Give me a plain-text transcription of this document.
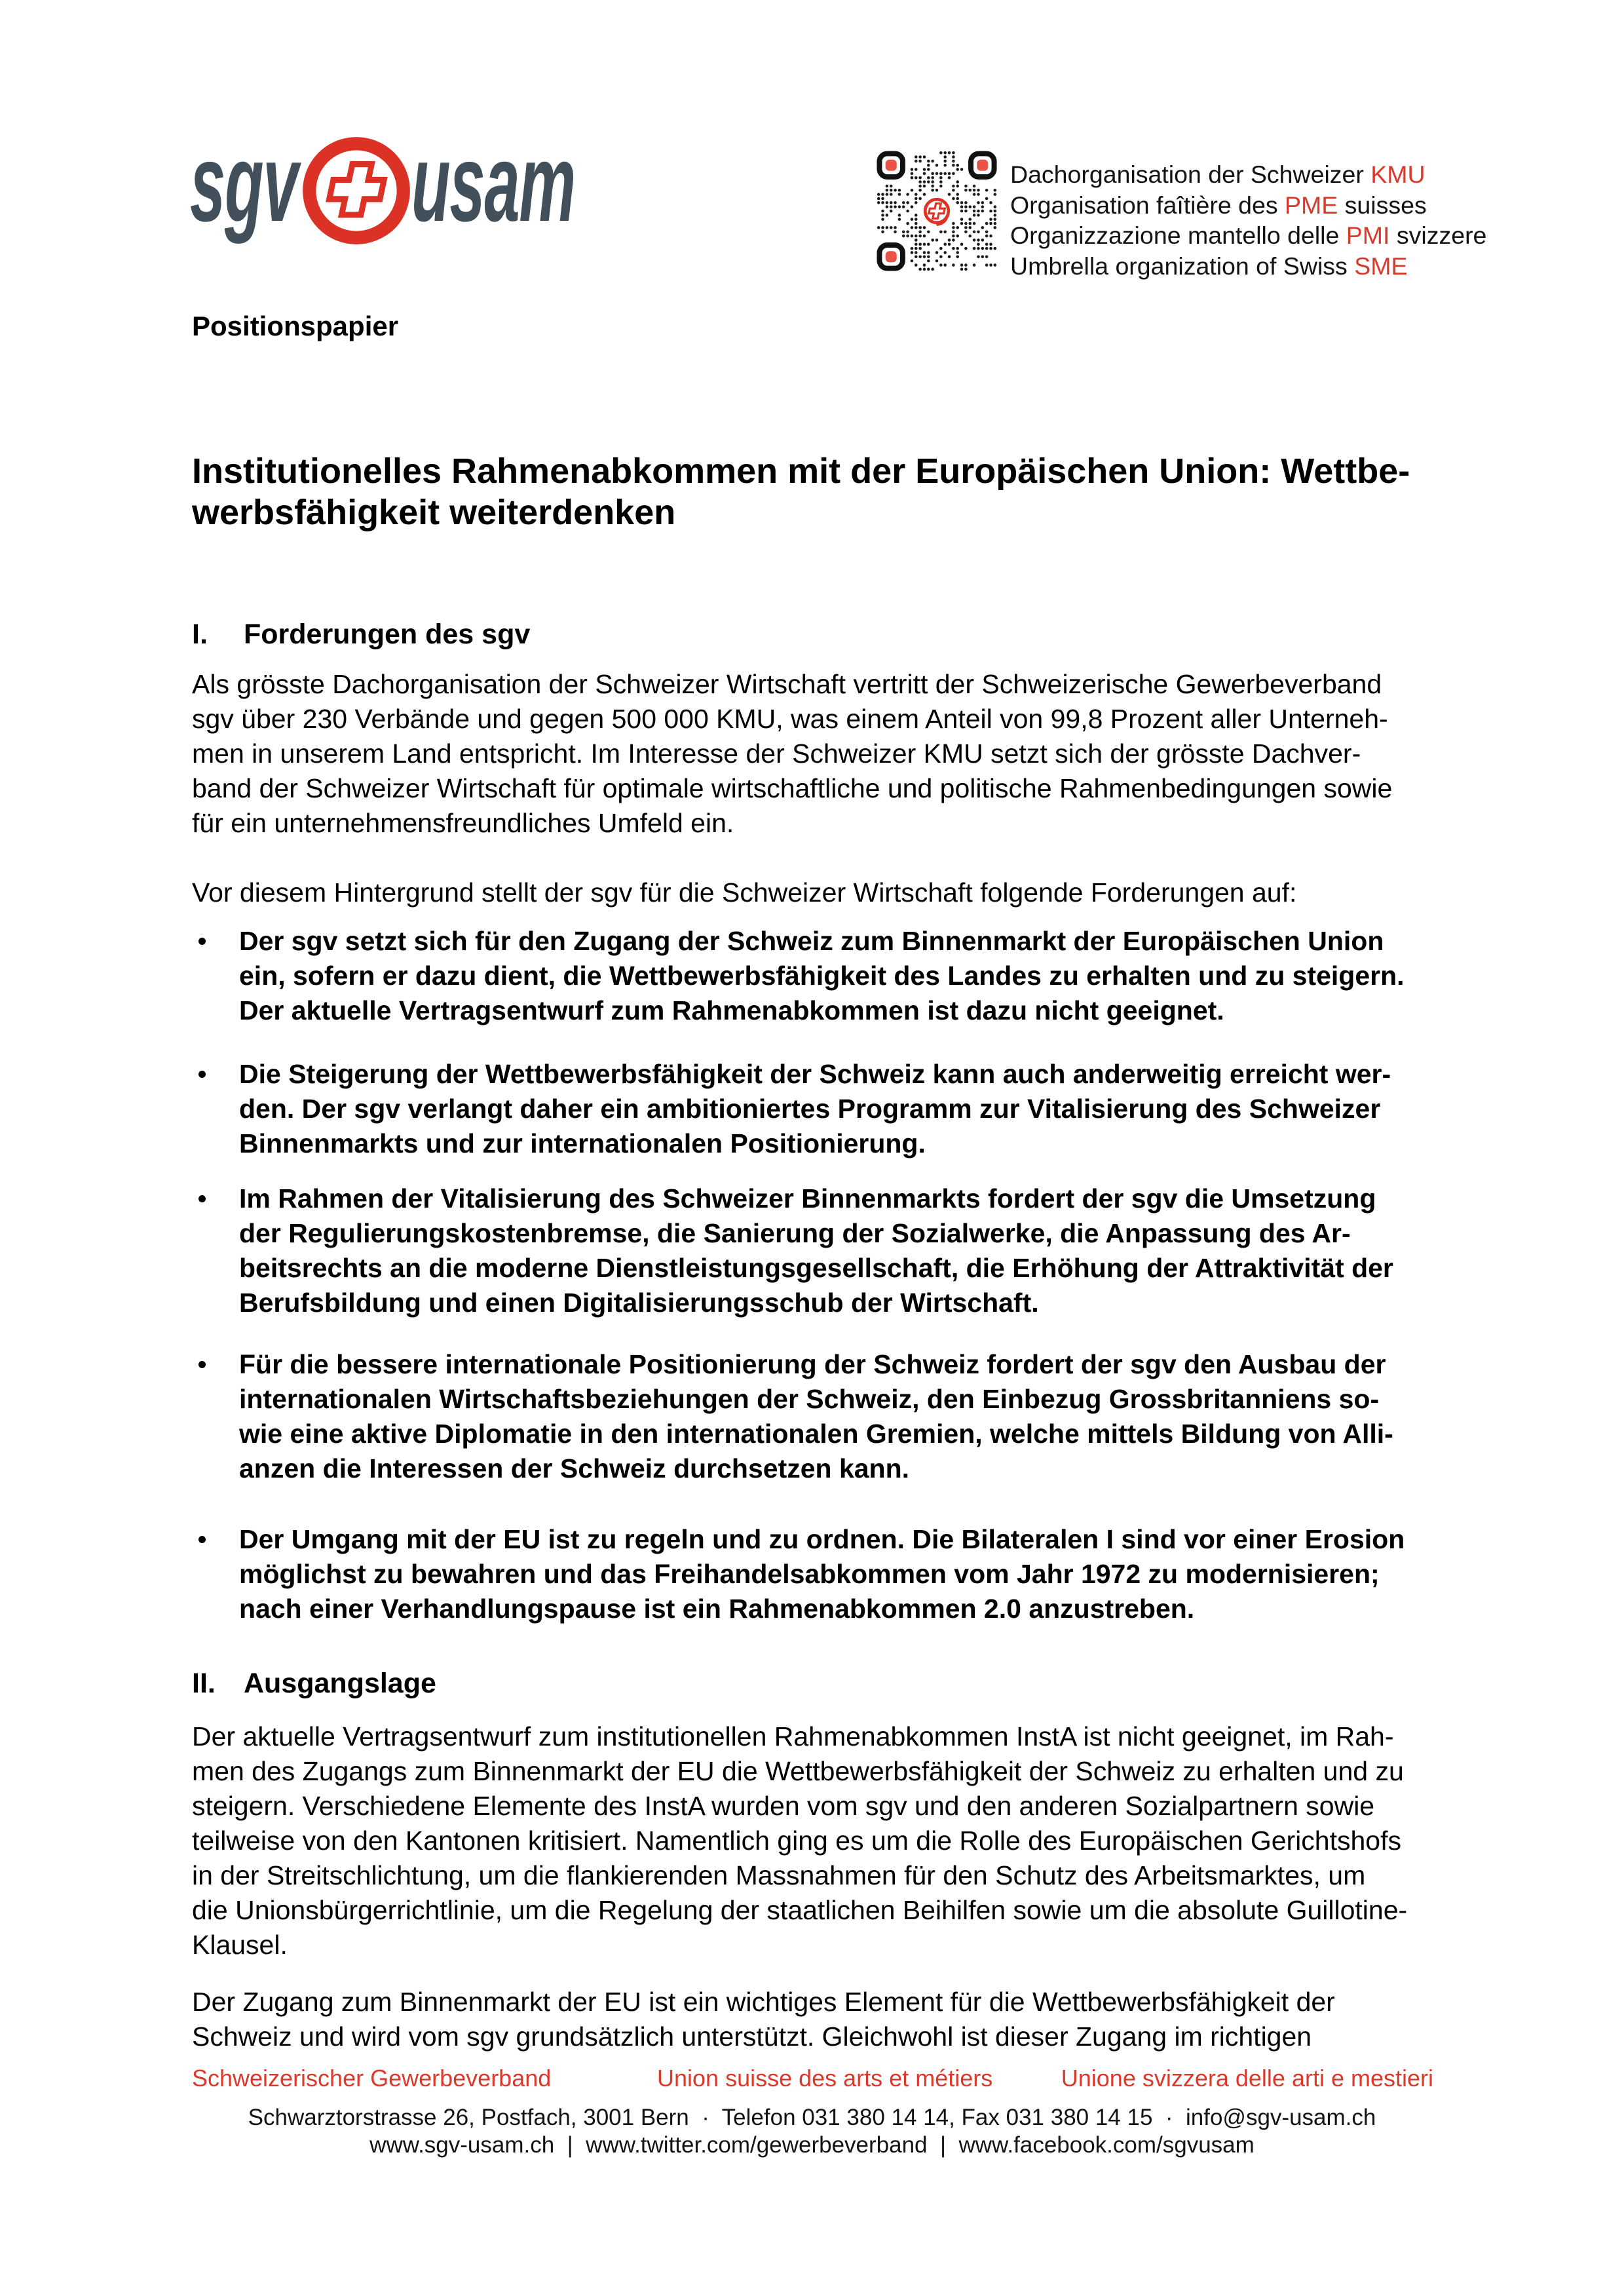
sgv usam	Dachorganisation der Schweizer KMU
Organisation faîtière des PME suisses
Organizzazione mantello delle PMI svizzere
Umbrella organization of Swiss SME
Positionspapier
Institutionelles Rahmenabkommen mit der Europäischen Union: Wettbe-
werbsfähigkeit weiterdenken
I. Forderungen des sgv
Als grösste Dachorganisation der Schweizer Wirtschaft vertritt der Schweizerische Gewerbeverband
sgv über 230 Verbände und gegen 500 000 KMU, was einem Anteil von 99,8 Prozent aller Unterneh-
men in unserem Land entspricht. Im Interesse der Schweizer KMU setzt sich der grösste Dachver-
band der Schweizer Wirtschaft für optimale wirtschaftliche und politische Rahmenbedingungen sowie
für ein unternehmensfreundliches Umfeld ein.
Vor diesem Hintergrund stellt der sgv für die Schweizer Wirtschaft folgende Forderungen auf:
Der sgv setzt sich für den Zugang der Schweiz zum Binnenmarkt der Europäischen Union
ein, sofern er dazu dient, die Wettbewerbsfähigkeit des Landes zu erhalten und zu steigern.
Der aktuelle Vertragsentwurf zum Rahmenabkommen ist dazu nicht geeignet.
Die Steigerung der Wettbewerbsfähigkeit der Schweiz kann auch anderweitig erreicht wer-
den. Der sgv verlangt daher ein ambitioniertes Programm zur Vitalisierung des Schweizer
Binnenmarkts und zur internationalen Positionierung.
Im Rahmen der Vitalisierung des Schweizer Binnenmarkts fordert der sgv die Umsetzung
der Regulierungskostenbremse, die Sanierung der Sozialwerke, die Anpassung des Ar-
beitsrechts an die moderne Dienstleistungsgesellschaft, die Erhöhung der Attraktivität der
Berufsbildung und einen Digitalisierungsschub der Wirtschaft.
Für die bessere internationale Positionierung der Schweiz fordert der sgv den Ausbau der
internationalen Wirtschaftsbeziehungen der Schweiz, den Einbezug Grossbritanniens so-
wie eine aktive Diplomatie in den internationalen Gremien, welche mittels Bildung von Alli-
anzen die Interessen der Schweiz durchsetzen kann.
Der Umgang mit der EU ist zu regeln und zu ordnen. Die Bilateralen I sind vor einer Erosion
möglichst zu bewahren und das Freihandelsabkommen vom Jahr 1972 zu modernisieren;
nach einer Verhandlungspause ist ein Rahmenabkommen 2.0 anzustreben.
II. Ausgangslage
Der aktuelle Vertragsentwurf zum institutionellen Rahmenabkommen InstA ist nicht geeignet, im Rah-
men des Zugangs zum Binnenmarkt der EU die Wettbewerbsfähigkeit der Schweiz zu erhalten und zu
steigern. Verschiedene Elemente des InstA wurden vom sgv und den anderen Sozialpartnern sowie
teilweise von den Kantonen kritisiert. Namentlich ging es um die Rolle des Europäischen Gerichtshofs
in der Streitschlichtung, um die flankierenden Massnahmen für den Schutz des Arbeitsmarktes, um
die Unionsbürgerrichtlinie, um die Regelung der staatlichen Beihilfen sowie um die absolute Guillotine-
Klausel.
Der Zugang zum Binnenmarkt der EU ist ein wichtiges Element für die Wettbewerbsfähigkeit der
Schweiz und wird vom sgv grundsätzlich unterstützt. Gleichwohl ist dieser Zugang im richtigen
Schweizerischer Gewerbeverband	Union suisse des arts et métiers	Unione svizzera delle arti e mestieri
Schwarztorstrasse 26, Postfach, 3001 Bern  ·  Telefon 031 380 14 14, Fax 031 380 14 15  ·  info@sgv-usam.ch
www.sgv-usam.ch  |  www.twitter.com/gewerbeverband  |  www.facebook.com/sgvusam
